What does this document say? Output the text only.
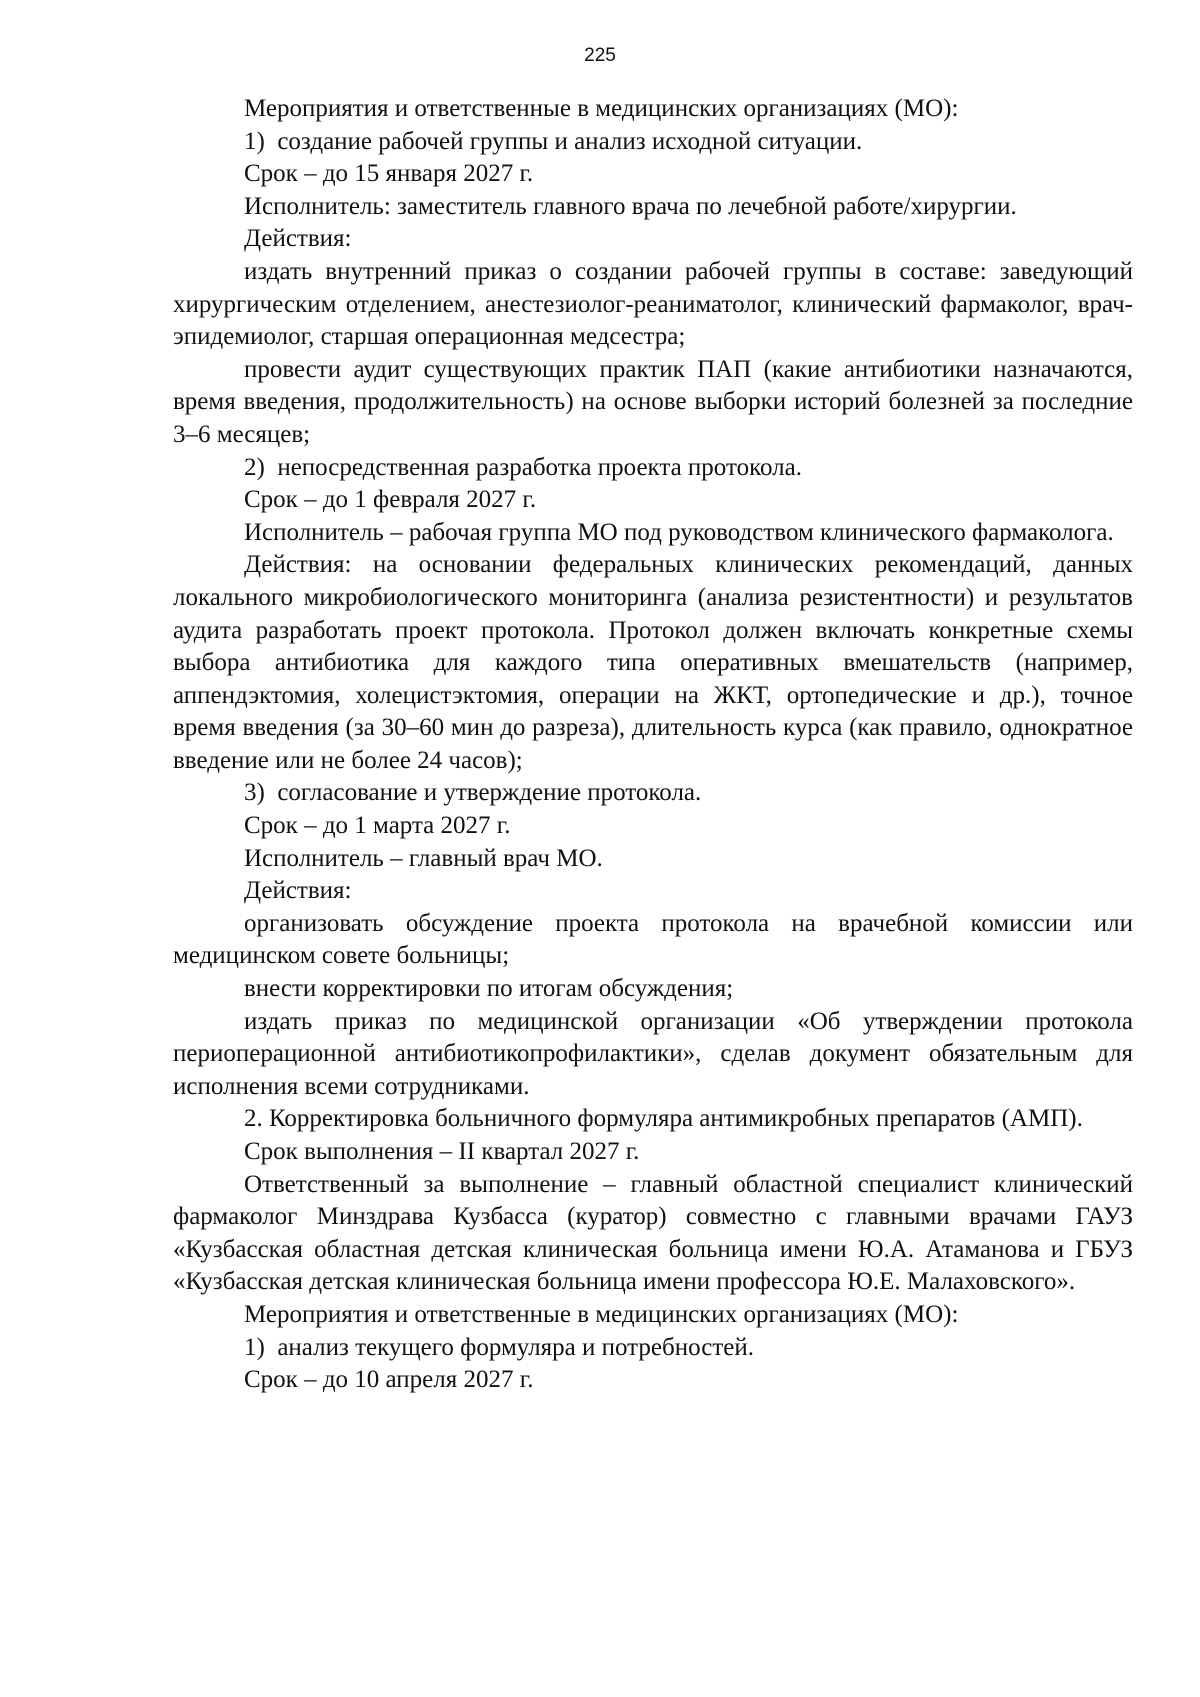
225

Мероприятия и ответственные в медицинских организациях (МО):

1)  создание рабочей группы и анализ исходной ситуации.

Срок – до 15 января 2027 г.

Исполнитель: заместитель главного врача по лечебной работе/хирургии.

Действия:

издать внутренний приказ о создании рабочей группы в составе: заведующий хирургическим отделением, анестезиолог-реаниматолог, клинический фармаколог, врач-эпидемиолог, старшая операционная медсестра;

провести аудит существующих практик ПАП (какие антибиотики назначаются, время введения, продолжительность) на основе выборки историй болезней за последние 3–6 месяцев;

2)  непосредственная разработка проекта протокола.

Срок – до 1 февраля 2027 г.

Исполнитель – рабочая группа МО под руководством клинического фармаколога.

Действия: на основании федеральных клинических рекомендаций, данных локального микробиологического мониторинга (анализа резистентности) и результатов аудита разработать проект протокола. Протокол должен включать конкретные схемы выбора антибиотика для каждого типа оперативных вмешательств (например, аппендэктомия, холецистэктомия, операции на ЖКТ, ортопедические и др.), точное время введения (за 30–60 мин до разреза), длительность курса (как правило, однократное введение или не более 24 часов);

3)  согласование и утверждение протокола.

Срок – до 1 марта 2027 г.

Исполнитель – главный врач МО.

Действия:

организовать обсуждение проекта протокола на врачебной комиссии или медицинском совете больницы;

внести корректировки по итогам обсуждения;

издать приказ по медицинской организации «Об утверждении протокола периоперационной антибиотикопрофилактики», сделав документ обязательным для исполнения всеми сотрудниками.

2. Корректировка больничного формуляра антимикробных препаратов (АМП).

Срок выполнения – II квартал 2027 г.

Ответственный за выполнение – главный областной специалист клинический фармаколог Минздрава Кузбасса (куратор) совместно с главными врачами ГАУЗ «Кузбасская областная детская клиническая больница имени Ю.А. Атаманова и ГБУЗ «Кузбасская детская клиническая больница имени профессора Ю.Е. Малаховского».

Мероприятия и ответственные в медицинских организациях (МО):

1)  анализ текущего формуляра и потребностей.

Срок – до 10 апреля 2027 г.
